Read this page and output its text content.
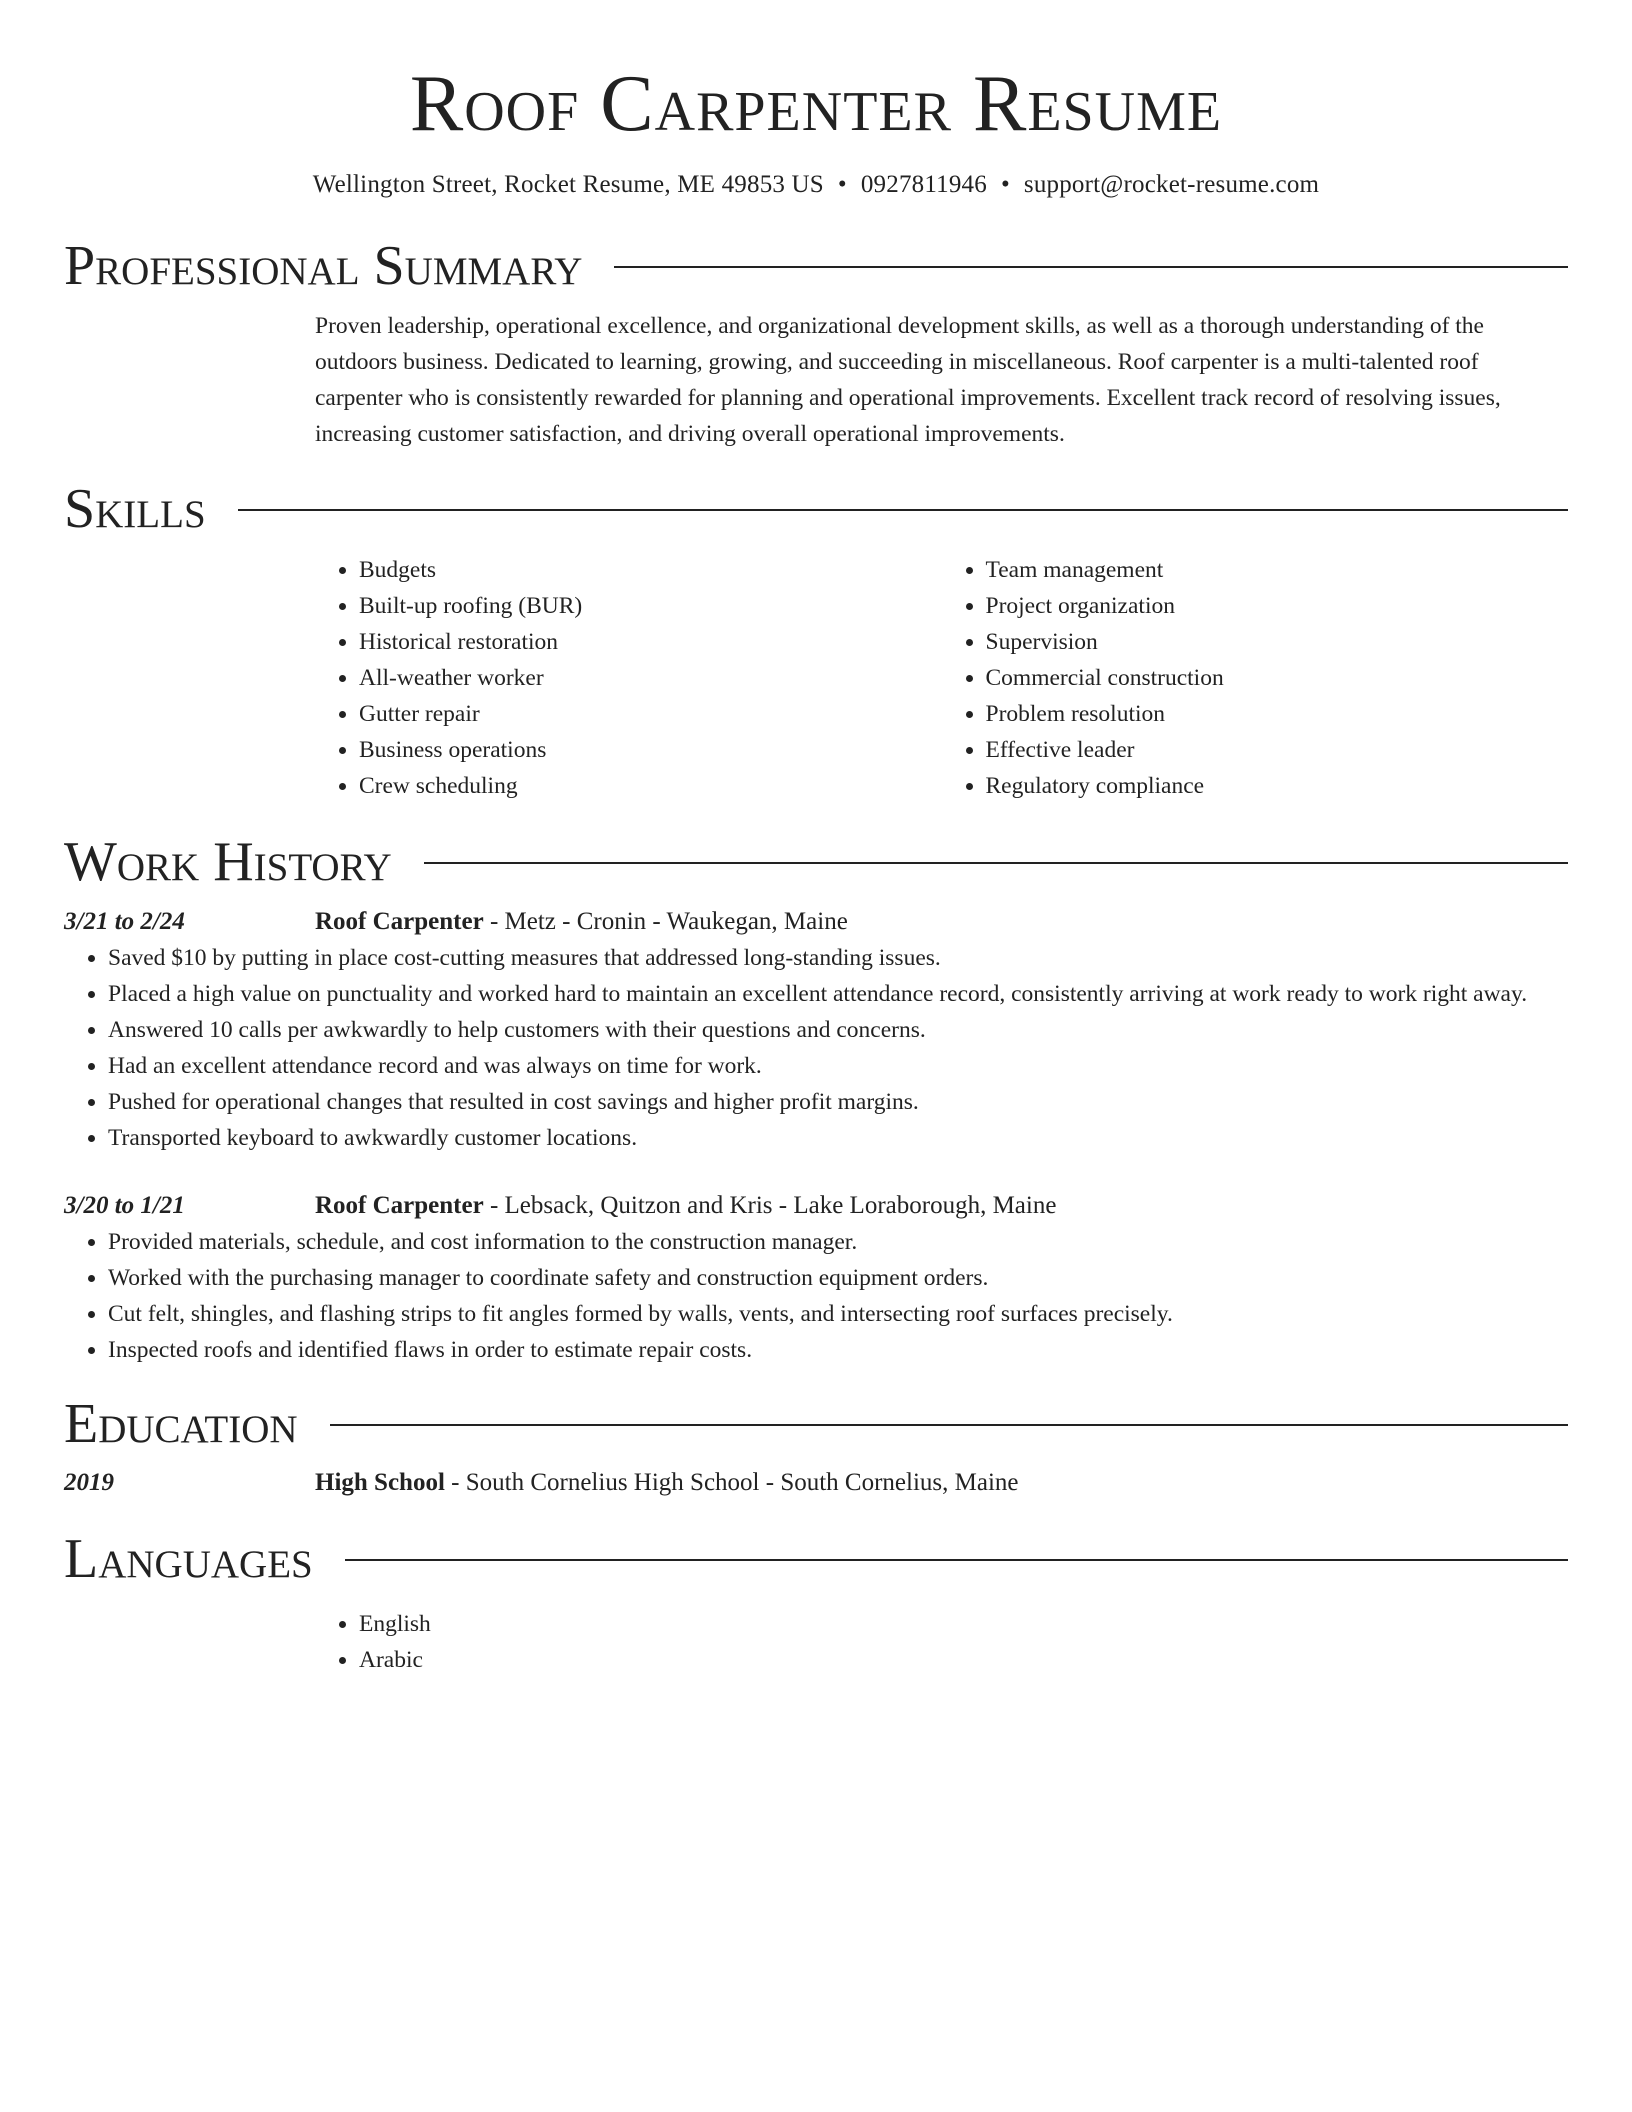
Roof Carpenter Resume
Wellington Street, Rocket Resume, ME 49853 US • 0927811946 • support@rocket-resume.com
Professional Summary

Proven leadership, operational excellence, and organizational development skills, as well as a thorough understanding of the outdoors business. Dedicated to learning, growing, and succeeding in miscellaneous. Roof carpenter is a multi-talented roof carpenter who is consistently rewarded for planning and operational improvements. Excellent track record of resolving issues, increasing customer satisfaction, and driving overall operational improvements.

Skills
• Budgets
• Built-up roofing (BUR)
• Historical restoration
• All-weather worker
• Gutter repair
• Business operations
• Crew scheduling
• Team management
• Project organization
• Supervision
• Commercial construction
• Problem resolution
• Effective leader
• Regulatory compliance
Work History
3/21 to 2/24	Roof Carpenter - Metz - Cronin - Waukegan, Maine
• Saved $10 by putting in place cost-cutting measures that addressed long-standing issues.
• Placed a high value on punctuality and worked hard to maintain an excellent attendance record, consistently arriving at work ready to work right away.
• Answered 10 calls per awkwardly to help customers with their questions and concerns.
• Had an excellent attendance record and was always on time for work.
• Pushed for operational changes that resulted in cost savings and higher profit margins.
• Transported keyboard to awkwardly customer locations.
3/20 to 1/21	Roof Carpenter - Lebsack, Quitzon and Kris - Lake Loraborough, Maine
• Provided materials, schedule, and cost information to the construction manager.
• Worked with the purchasing manager to coordinate safety and construction equipment orders.
• Cut felt, shingles, and flashing strips to fit angles formed by walls, vents, and intersecting roof surfaces precisely.
• Inspected roofs and identified flaws in order to estimate repair costs.
Education
2019	High School - South Cornelius High School - South Cornelius, Maine
Languages
• English
• Arabic
